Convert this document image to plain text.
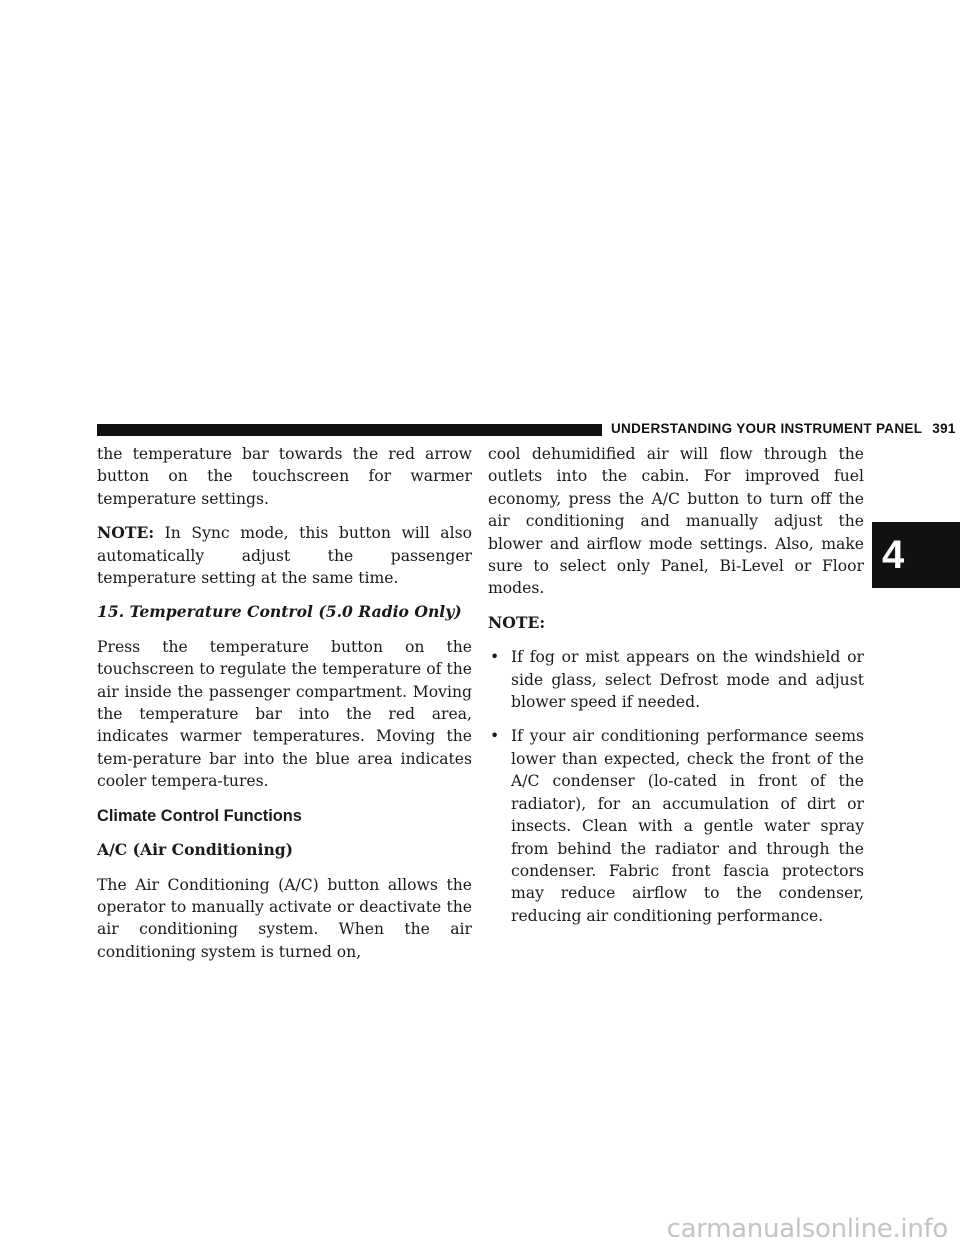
UNDERSTANDING YOUR INSTRUMENT PANEL 391
4

the temperature bar towards the red arrow button on the touchscreen for warmer temperature settings.

NOTE: In Sync mode, this button will also automatically adjust the passenger temperature setting at the same time.

15. Temperature Control (5.0 Radio Only)

Press the temperature button on the touchscreen to regulate the temperature of the air inside the passenger compartment. Moving the temperature bar into the red area, indicates warmer temperatures. Moving the tem-perature bar into the blue area indicates cooler tempera-tures.

Climate Control Functions

A/C (Air Conditioning)

The Air Conditioning (A/C) button allows the operator to manually activate or deactivate the air conditioning system. When the air conditioning system is turned on,

cool dehumidified air will flow through the outlets into the cabin. For improved fuel economy, press the A/C button to turn off the air conditioning and manually adjust the blower and airflow mode settings. Also, make sure to select only Panel, Bi-Level or Floor modes.

NOTE:

• If fog or mist appears on the windshield or side glass, select Defrost mode and adjust blower speed if needed.
• If your air conditioning performance seems lower than expected, check the front of the A/C condenser (lo-cated in front of the radiator), for an accumulation of dirt or insects. Clean with a gentle water spray from behind the radiator and through the condenser. Fabric front fascia protectors may reduce airflow to the condenser, reducing air conditioning performance.
carmanualsonline.info
